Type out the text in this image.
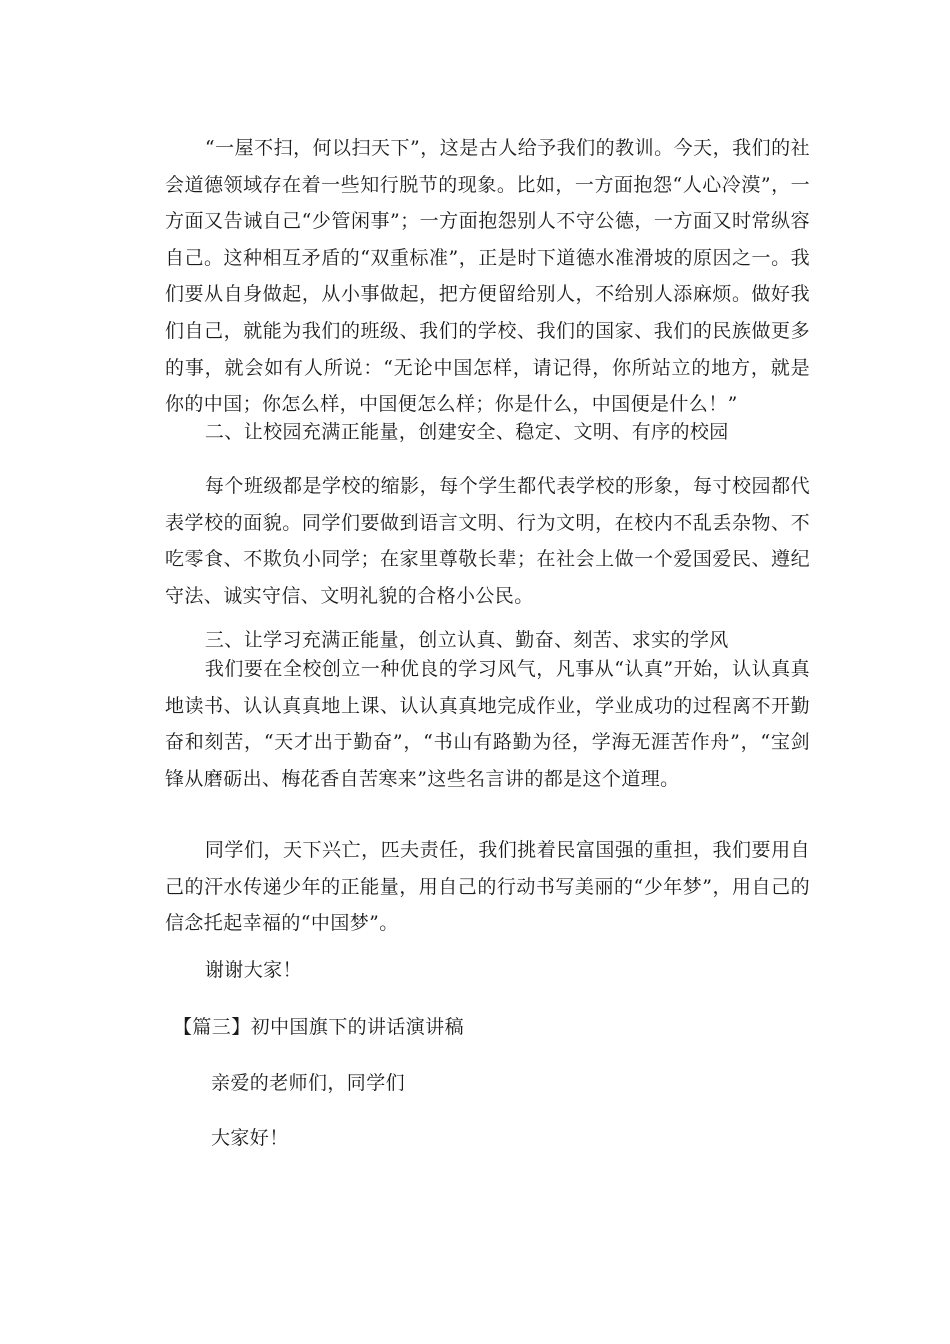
“一屋不扫，何以扫天下”，这是古人给予我们的教训。今天，我们的社会道德领域存在着一些知行脱节的现象。比如，一方面抱怨“人心冷漠”，一方面又告诫自己“少管闲事”；一方面抱怨别人不守公德，一方面又时常纵容自己。这种相互矛盾的“双重标准”，正是时下道德水准滑坡的原因之一。我们要从自身做起，从小事做起，把方便留给别人，不给别人添麻烦。做好我们自己，就能为我们的班级、我们的学校、我们的国家、我们的民族做更多的事，就会如有人所说：“无论中国怎样，请记得，你所站立的地方，就是你的中国；你怎么样，中国便怎么样；你是什么，中国便是什么！”

二、让校园充满正能量，创建安全、稳定、文明、有序的校园

每个班级都是学校的缩影，每个学生都代表学校的形象，每寸校园都代表学校的面貌。同学们要做到语言文明、行为文明，在校内不乱丢杂物、不吃零食、不欺负小同学；在家里尊敬长辈；在社会上做一个爱国爱民、遵纪守法、诚实守信、文明礼貌的合格小公民。

三、让学习充满正能量，创立认真、勤奋、刻苦、求实的学风

我们要在全校创立一种优良的学习风气，凡事从“认真”开始，认认真真地读书、认认真真地上课、认认真真地完成作业，学业成功的过程离不开勤奋和刻苦，“天才出于勤奋”，“书山有路勤为径，学海无涯苦作舟”，“宝剑锋从磨砺出、梅花香自苦寒来”这些名言讲的都是这个道理。

同学们，天下兴亡，匹夫责任，我们挑着民富国强的重担，我们要用自己的汗水传递少年的正能量，用自己的行动书写美丽的“少年梦”，用自己的信念托起幸福的“中国梦”。

谢谢大家！

【篇三】初中国旗下的讲话演讲稿

亲爱的老师们，同学们

大家好！
